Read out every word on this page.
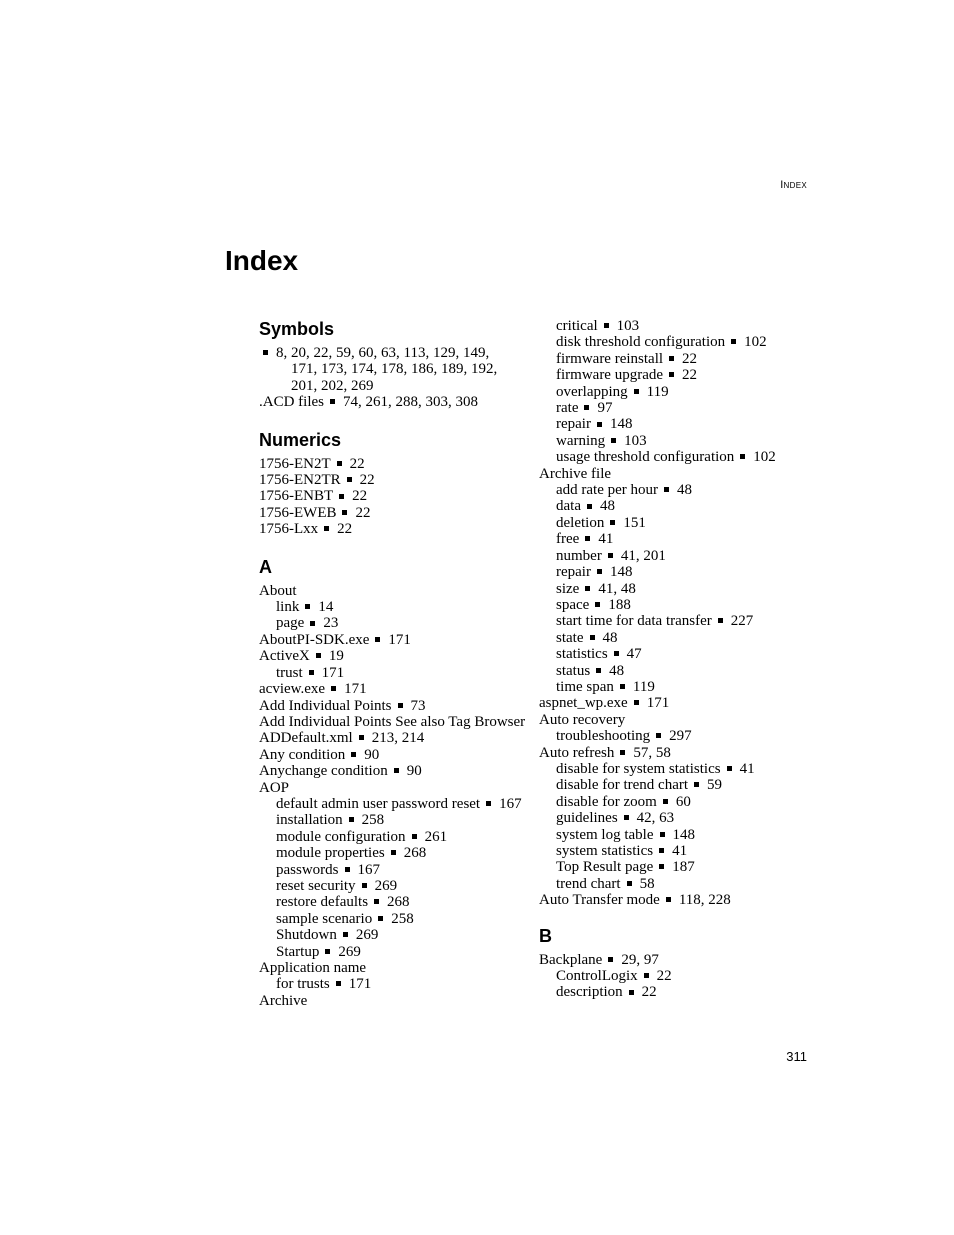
Index
Index
Symbols
8, 20, 22, 59, 60, 63, 113, 129, 149,
171, 173, 174, 178, 186, 189, 192,
201, 202, 269
.ACD files 74, 261, 288, 303, 308
Numerics
1756-EN2T 22
1756-EN2TR 22
1756-ENBT 22
1756-EWEB 22
1756-Lxx 22
A
About
link 14
page 23
AboutPI-SDK.exe 171
ActiveX 19
trust 171
acview.exe 171
Add Individual Points 73
Add Individual Points See also Tag Browser
ADDefault.xml 213, 214
Any condition 90
Anychange condition 90
AOP
default admin user password reset 167
installation 258
module configuration 261
module properties 268
passwords 167
reset security 269
restore defaults 268
sample scenario 258
Shutdown 269
Startup 269
Application name
for trusts 171
Archive
critical 103
disk threshold configuration 102
firmware reinstall 22
firmware upgrade 22
overlapping 119
rate 97
repair 148
warning 103
usage threshold configuration 102
Archive file
add rate per hour 48
data 48
deletion 151
free 41
number 41, 201
repair 148
size 41, 48
space 188
start time for data transfer 227
state 48
statistics 47
status 48
time span 119
aspnet_wp.exe 171
Auto recovery
troubleshooting 297
Auto refresh 57, 58
disable for system statistics 41
disable for trend chart 59
disable for zoom 60
guidelines 42, 63
system log table 148
system statistics 41
Top Result page 187
trend chart 58
Auto Transfer mode 118, 228
B
Backplane 29, 97
ControlLogix 22
description 22
311
